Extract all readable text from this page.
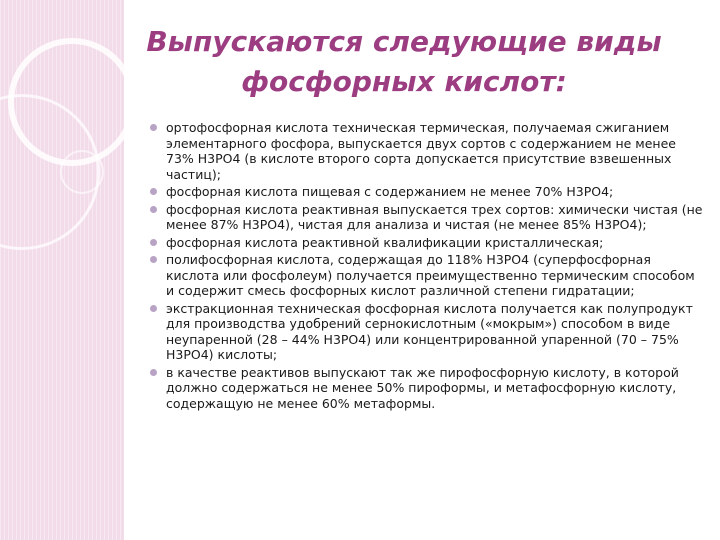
Выпускаются следующие виды
фосфорных кислот:
ортофосфорная кислота техническая термическая, получаемая сжиганием элементарного фосфора, выпускается двух сортов с содержанием не менее 73% Н3РО4 (в кислоте второго сорта допускается присутствие взвешенных частиц);
фосфорная кислота пищевая с содержанием не менее 70% Н3РО4;
фосфорная кислота реактивная выпускается трех сортов: химически чистая (не менее 87% Н3РО4), чистая для анализа и чистая (не менее 85% Н3РО4);
фосфорная кислота реактивной квалификации кристаллическая;
полифосфорная кислота, содержащая до 118% Н3РО4 (суперфосфорная кислота или фосфолеум) получается преимущественно термическим способом и содержит смесь фосфорных кислот различной степени гидратации;
экстракционная техническая фосфорная кислота получается как полупродукт для производства удобрений сернокислотным («мокрым») способом в виде неупаренной (28 – 44% Н3РО4) или концентрированной упаренной (70 – 75% Н3РО4) кислоты;
в качестве реактивов выпускают так же пирофосфорную кислоту, в которой должно содержаться не менее 50% пироформы, и метафосфорную кислоту, содержащую не менее 60% метаформы.
